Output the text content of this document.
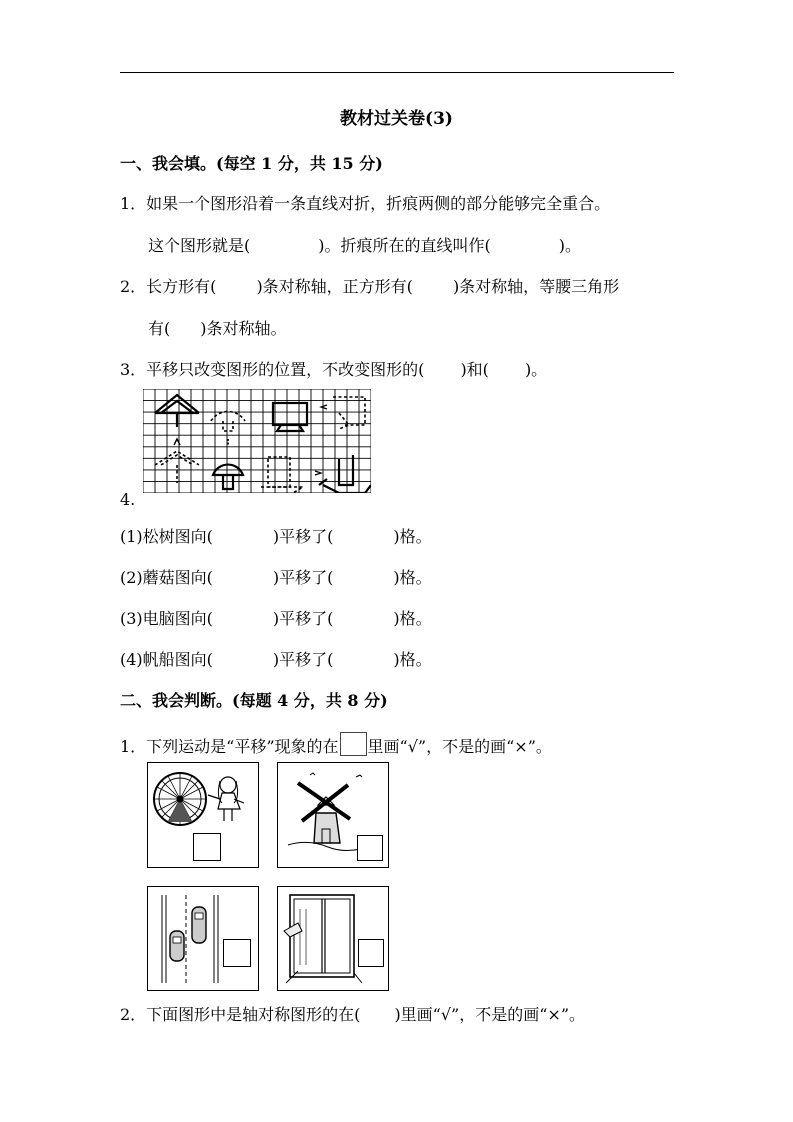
教材过关卷(3)
一、我会填。(每空 1 分，共 15 分)
1．如果一个图形沿着一条直线对折，折痕两侧的部分能够完全重合。
这个图形就是(	)。折痕所在的直线叫作(	)。
2．长方形有(	)条对称轴，正方形有(	)条对称轴，等腰三角形
有( )条对称轴。
3．平移只改变图形的位置，不改变图形的( )和( )。
4.
(1)松树图向(	)平移了(	)格。
(2)蘑菇图向(	)平移了(	)格。
(3)电脑图向(	)平移了(	)格。
(4)帆船图向(	)平移了(	)格。
二、我会判断。(每题 4 分，共 8 分)
1．下列运动是“平移”现象的在 里画“√”，不是的画“×”。
2．下面图形中是轴对称图形的在( )里画“√”，不是的画“×”。
